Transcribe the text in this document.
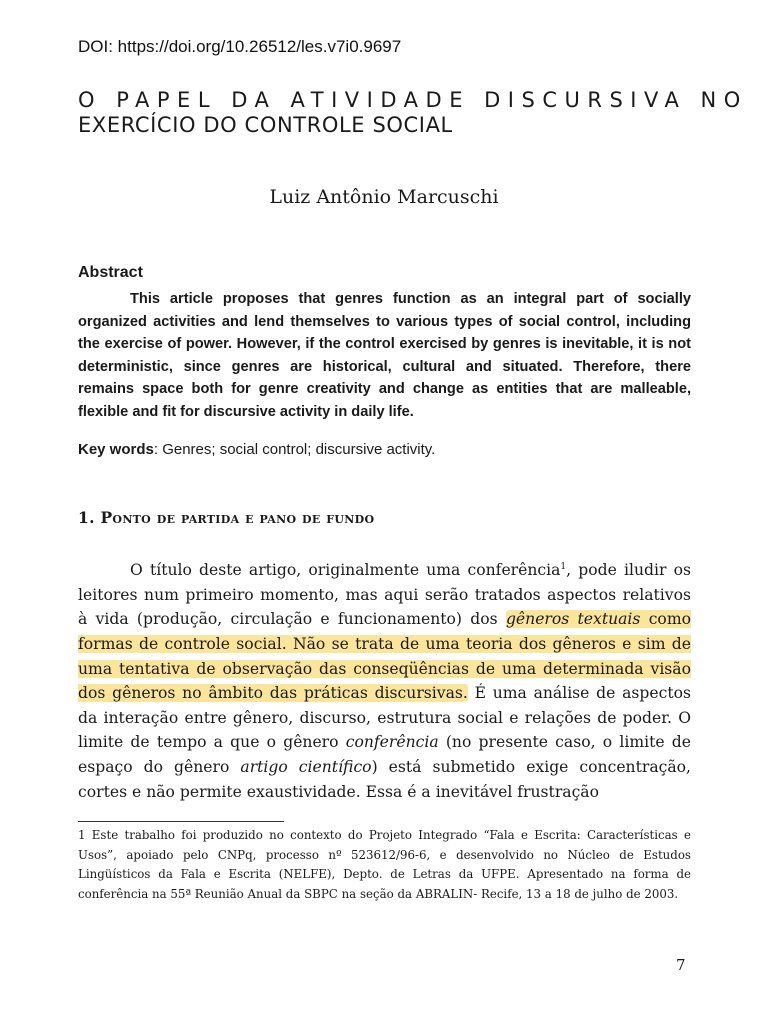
DOI: https://doi.org/10.26512/les.v7i0.9697
O PAPEL DA ATIVIDADE DISCURSIVA NO
EXERCÍCIO DO CONTROLE SOCIAL
Luiz Antônio Marcuschi
Abstract

This article proposes that genres function as an integral part of socially organized activities and lend themselves to various types of social control, including the exercise of power. However, if the control exercised by genres is inevitable, it is not deterministic, since genres are historical, cultural and situated. Therefore, there remains space both for genre creativity and change as entities that are malleable, flexible and fit for discursive activity in daily life.

Key words: Genres; social control; discursive activity.
1. Ponto de partida e pano de fundo

O título deste artigo, originalmente uma conferência$^1$, pode iludir os leitores num primeiro momento, mas aqui serão tratados aspectos relativos à vida (produção, circulação e funcionamento) dos gêneros textuais como formas de controle social. Não se trata de uma teoria dos gêneros e sim de uma tentativa de observação das conseqüências de uma determinada visão dos gêneros no âmbito das práticas discursivas. É uma análise de aspectos da interação entre gênero, discurso, estrutura social e relações de poder. O limite de tempo a que o gênero conferência (no presente caso, o limite de espaço do gênero artigo científico) está submetido exige concentração, cortes e não permite exaustividade. Essa é a inevitável frustração

1 Este trabalho foi produzido no contexto do Projeto Integrado “Fala e Escrita: Características e Usos”, apoiado pelo CNPq, processo nº 523612/96-6, e desenvolvido no Núcleo de Estudos Lingüísticos da Fala e Escrita (NELFE), Depto. de Letras da UFPE. Apresentado na forma de conferência na 55ª Reunião Anual da SBPC na seção da ABRALIN- Recife, 13 a 18 de julho de 2003.

7
